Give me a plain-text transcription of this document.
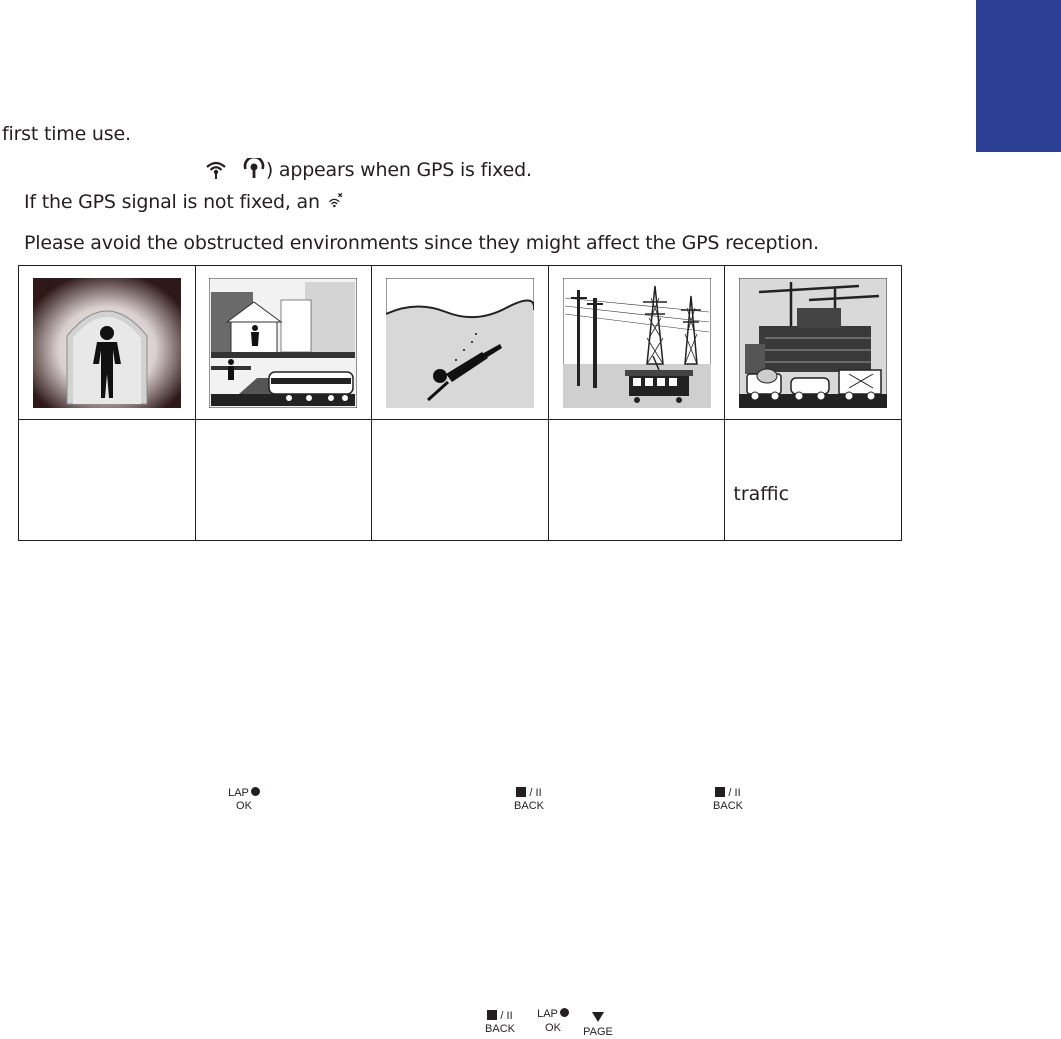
first time use.
) appears when GPS is fixed.
If the GPS signal is not fixed, an
Please avoid the obstructed environments since they might affect the GPS reception.

				traffic
LAP
OK
/ II
BACK
/ II
BACK
/ II
BACK
LAP
OK	PAGE
